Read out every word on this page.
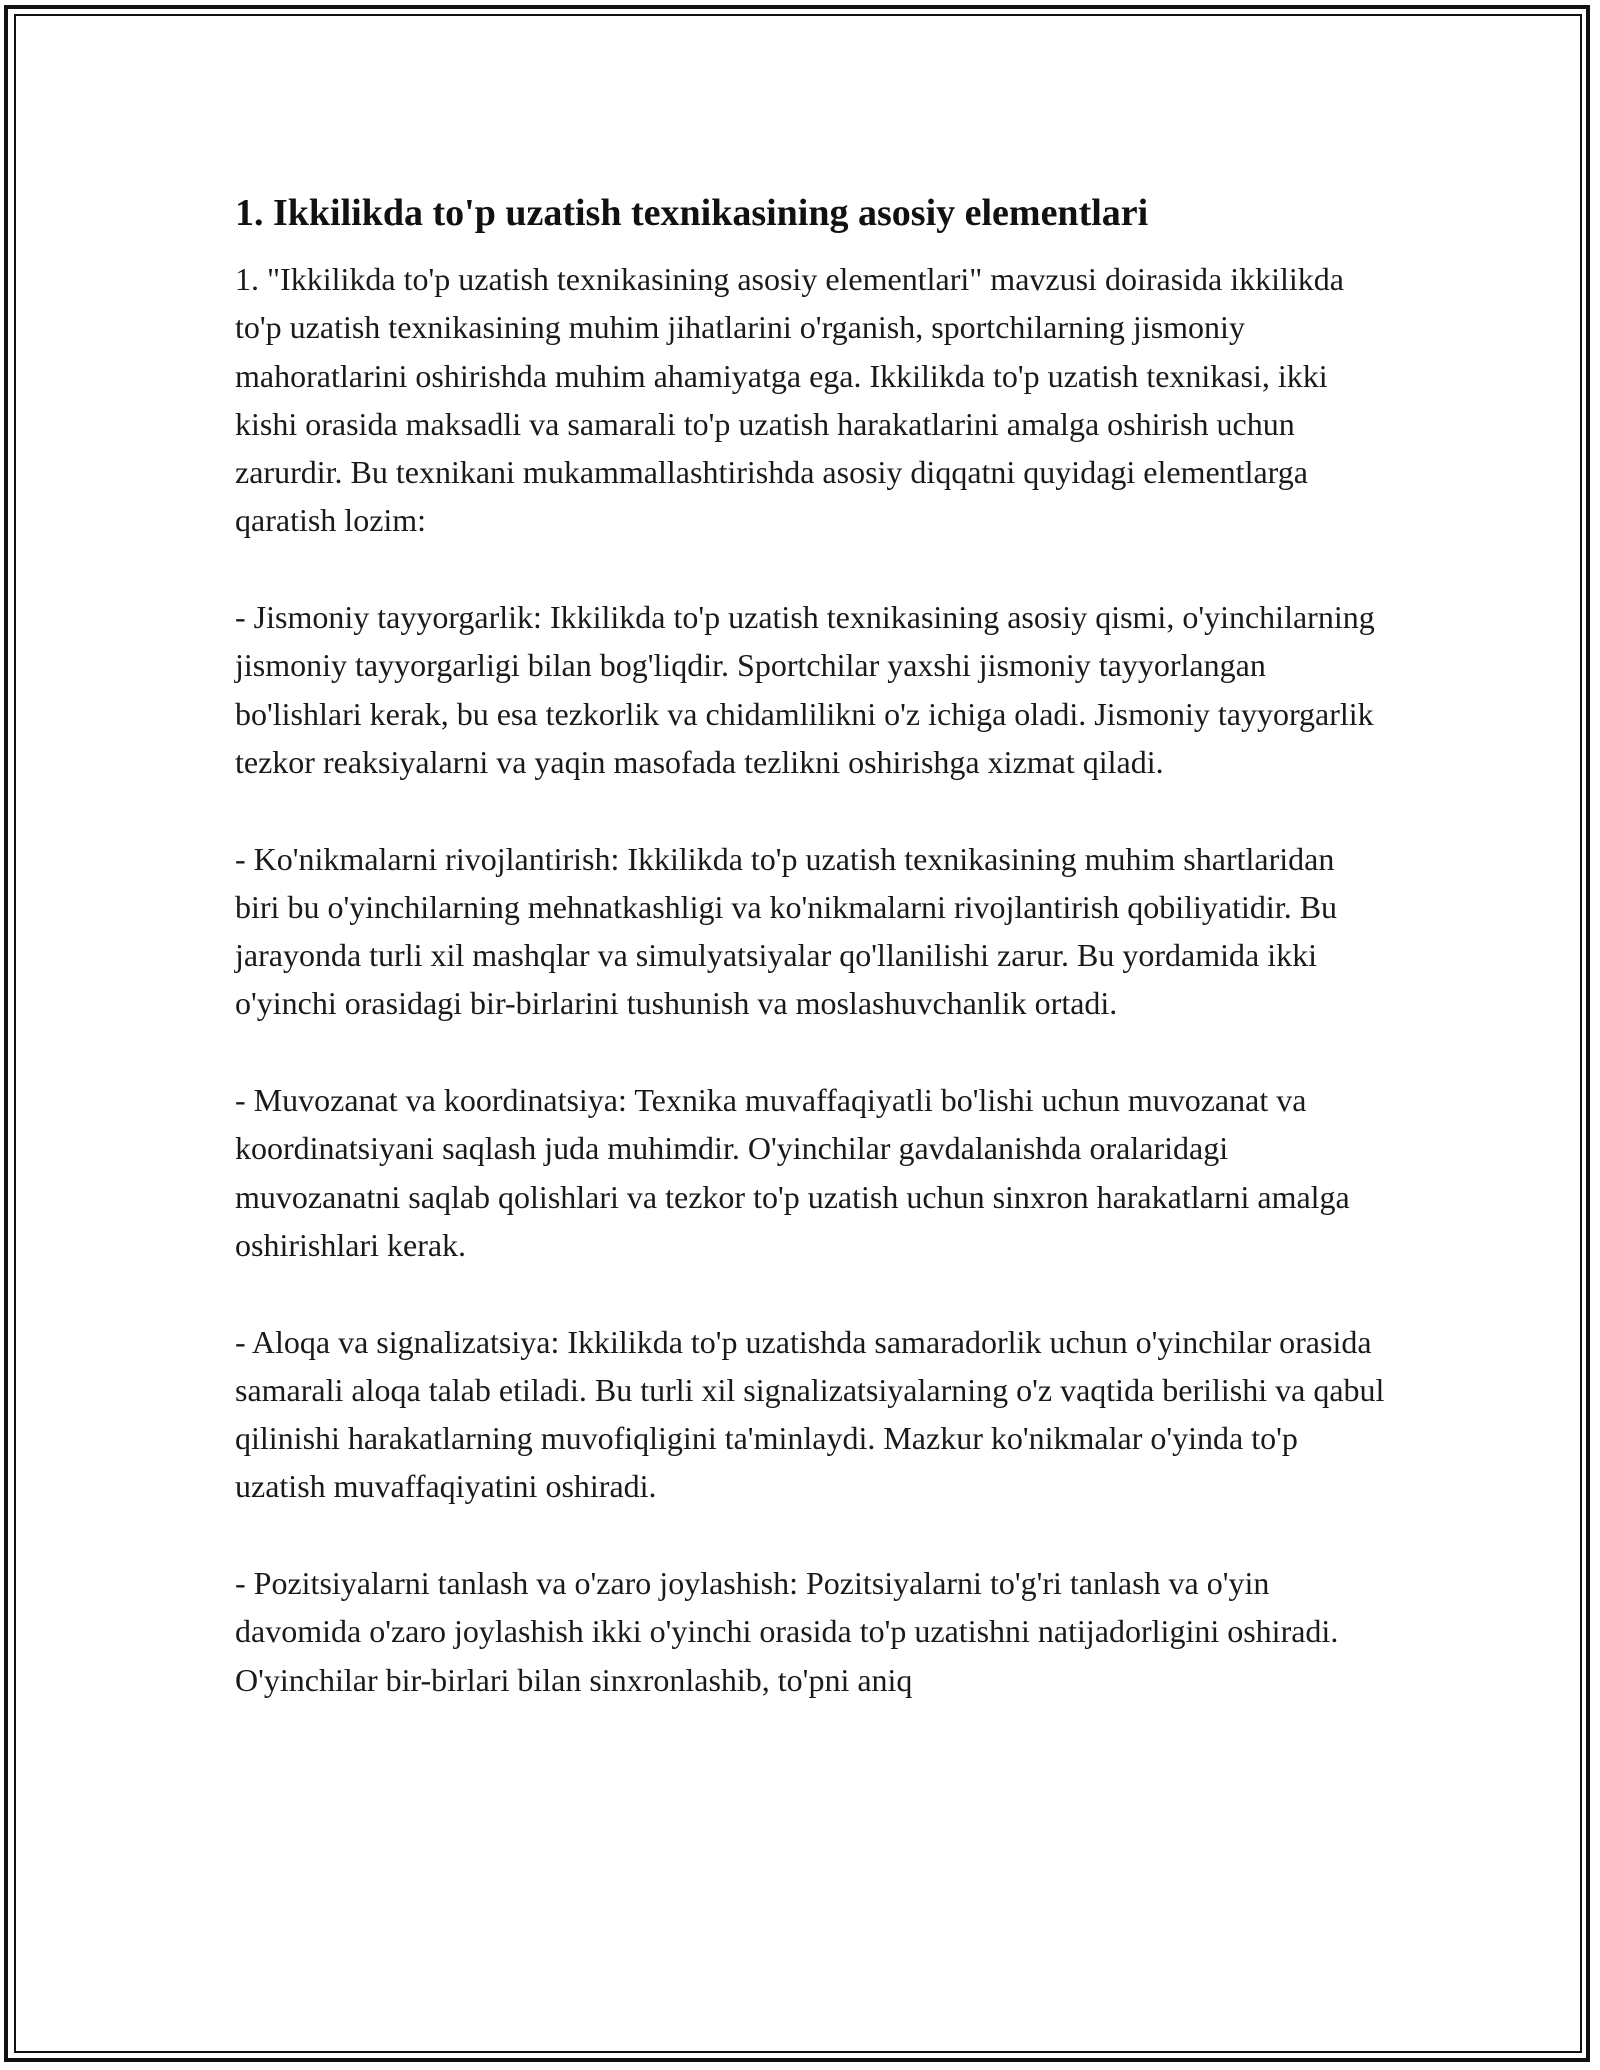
1. Ikkilikda to'p uzatish texnikasining asosiy elementlari

1. "Ikkilikda to'p uzatish texnikasining asosiy elementlari" mavzusi doirasida ikkilikda to'p uzatish texnikasining muhim jihatlarini o'rganish, sportchilarning jismoniy mahoratlarini oshirishda muhim ahamiyatga ega. Ikkilikda to'p uzatish texnikasi, ikki kishi orasida maksadli va samarali to'p uzatish harakatlarini amalga oshirish uchun zarurdir. Bu texnikani mukammallashtirishda asosiy diqqatni quyidagi elementlarga qaratish lozim:

- Jismoniy tayyorgarlik: Ikkilikda to'p uzatish texnikasining asosiy qismi, o'yinchilarning jismoniy tayyorgarligi bilan bog'liqdir. Sportchilar yaxshi jismoniy tayyorlangan bo'lishlari kerak, bu esa tezkorlik va chidamlilikni o'z ichiga oladi. Jismoniy tayyorgarlik tezkor reaksiyalarni va yaqin masofada tezlikni oshirishga xizmat qiladi.

- Ko'nikmalarni rivojlantirish: Ikkilikda to'p uzatish texnikasining muhim shartlaridan biri bu o'yinchilarning mehnatkashligi va ko'nikmalarni rivojlantirish qobiliyatidir. Bu jarayonda turli xil mashqlar va simulyatsiyalar qo'llanilishi zarur. Bu yordamida ikki o'yinchi orasidagi bir-birlarini tushunish va moslashuvchanlik ortadi.

- Muvozanat va koordinatsiya: Texnika muvaffaqiyatli bo'lishi uchun muvozanat va koordinatsiyani saqlash juda muhimdir. O'yinchilar gavdalanishda oralaridagi muvozanatni saqlab qolishlari va tezkor to'p uzatish uchun sinxron harakatlarni amalga oshirishlari kerak.

- Aloqa va signalizatsiya: Ikkilikda to'p uzatishda samaradorlik uchun o'yinchilar orasida samarali aloqa talab etiladi. Bu turli xil signalizatsiyalarning o'z vaqtida berilishi va qabul qilinishi harakatlarning muvofiqligini ta'minlaydi. Mazkur ko'nikmalar o'yinda to'p uzatish muvaffaqiyatini oshiradi.

- Pozitsiyalarni tanlash va o'zaro joylashish: Pozitsiyalarni to'g'ri tanlash va o'yin davomida o'zaro joylashish ikki o'yinchi orasida to'p uzatishni natijadorligini oshiradi. O'yinchilar bir-birlari bilan sinxronlashib, to'pni aniq
